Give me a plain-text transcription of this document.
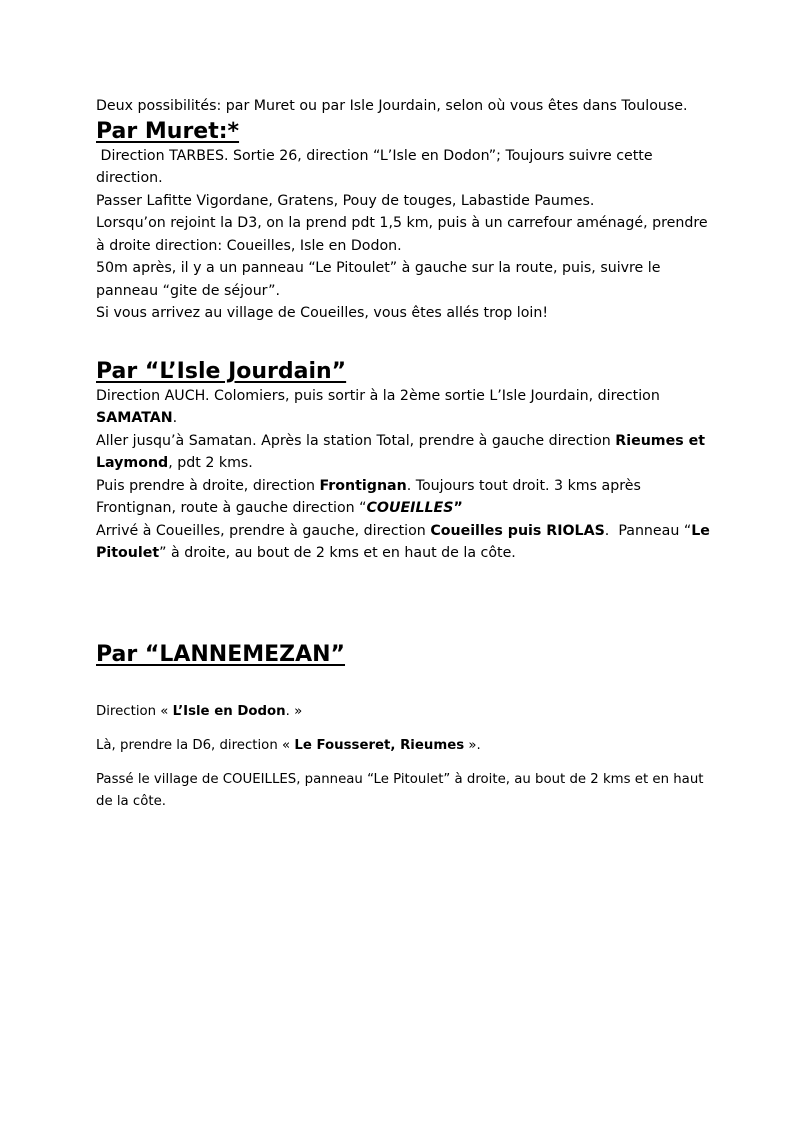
Deux possibilités: par Muret ou par Isle Jourdain, selon où vous êtes dans Toulouse.

Par Muret:*

Direction TARBES. Sortie 26, direction “L’Isle en Dodon”; Toujours suivre cette direction.

Passer Lafitte Vigordane, Gratens, Pouy de touges, Labastide Paumes.

Lorsqu’on rejoint la D3, on la prend pdt 1,5 km, puis à un carrefour aménagé, prendre à droite direction: Coueilles, Isle en Dodon.

50m après, il y a un panneau “Le Pitoulet” à gauche sur la route, puis, suivre le panneau “gite de séjour”.

Si vous arrivez au village de Coueilles, vous êtes allés trop loin!

Par “L’Isle Jourdain”

Direction AUCH. Colomiers, puis sortir à la 2ème sortie L’Isle Jourdain, direction SAMATAN.

Aller jusqu’à Samatan. Après la station Total, prendre à gauche direction Rieumes et Laymond, pdt 2 kms.

Puis prendre à droite, direction Frontignan. Toujours tout droit. 3 kms après Frontignan, route à gauche direction “COUEILLES”

Arrivé à Coueilles, prendre à gauche, direction Coueilles puis RIOLAS.  Panneau “Le Pitoulet” à droite, au bout de 2 kms et en haut de la côte.

Par “LANNEMEZAN”

Direction « L’Isle en Dodon. »

Là, prendre la D6, direction « Le Fousseret, Rieumes ».

Passé le village de COUEILLES, panneau “Le Pitoulet” à droite, au bout de 2 kms et en haut de la côte.
